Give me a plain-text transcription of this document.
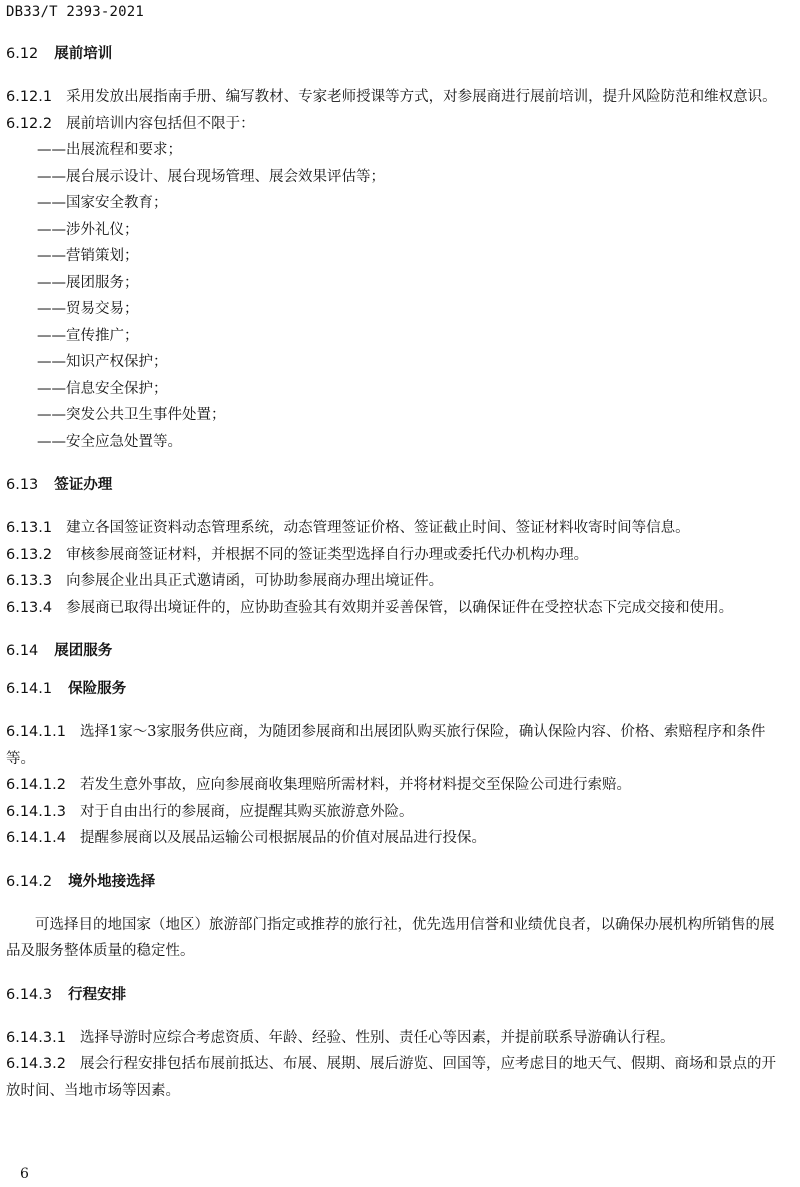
DB33/T 2393-2021
6.12 展前培训
6.12.1 采用发放出展指南手册、编写教材、专家老师授课等方式，对参展商进行展前培训，提升风险防范和维权意识。
6.12.2 展前培训内容包括但不限于：
——出展流程和要求；
——展台展示设计、展台现场管理、展会效果评估等；
——国家安全教育；
——涉外礼仪；
——营销策划；
——展团服务；
——贸易交易；
——宣传推广；
——知识产权保护；
——信息安全保护；
——突发公共卫生事件处置；
——安全应急处置等。
6.13 签证办理
6.13.1 建立各国签证资料动态管理系统，动态管理签证价格、签证截止时间、签证材料收寄时间等信息。
6.13.2 审核参展商签证材料，并根据不同的签证类型选择自行办理或委托代办机构办理。
6.13.3 向参展企业出具正式邀请函，可协助参展商办理出境证件。
6.13.4 参展商已取得出境证件的，应协助查验其有效期并妥善保管，以确保证件在受控状态下完成交接和使用。
6.14 展团服务
6.14.1 保险服务
6.14.1.1 选择1家～3家服务供应商，为随团参展商和出展团队购买旅行保险，确认保险内容、价格、索赔程序和条件等。
6.14.1.2 若发生意外事故，应向参展商收集理赔所需材料，并将材料提交至保险公司进行索赔。
6.14.1.3 对于自由出行的参展商，应提醒其购买旅游意外险。
6.14.1.4 提醒参展商以及展品运输公司根据展品的价值对展品进行投保。
6.14.2 境外地接选择
可选择目的地国家（地区）旅游部门指定或推荐的旅行社，优先选用信誉和业绩优良者，以确保办展机构所销售的展品及服务整体质量的稳定性。
6.14.3 行程安排
6.14.3.1 选择导游时应综合考虑资质、年龄、经验、性别、责任心等因素，并提前联系导游确认行程。
6.14.3.2 展会行程安排包括布展前抵达、布展、展期、展后游览、回国等，应考虑目的地天气、假期、商场和景点的开放时间、当地市场等因素。
6
